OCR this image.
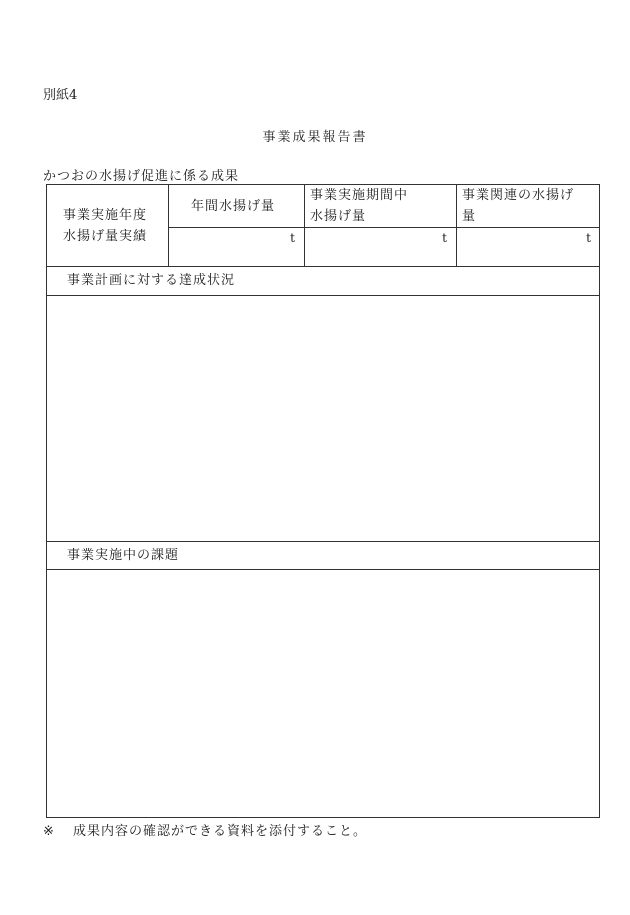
別紙4
事業成果報告書
かつおの水揚げ促進に係る成果
事業実施年度
水揚げ量実績
年間水揚げ量
事業実施期間中
水揚げ量
事業関連の水揚げ
量
t	t	t
事業計画に対する達成状況
事業実施中の課題
※ 成果内容の確認ができる資料を添付すること。
